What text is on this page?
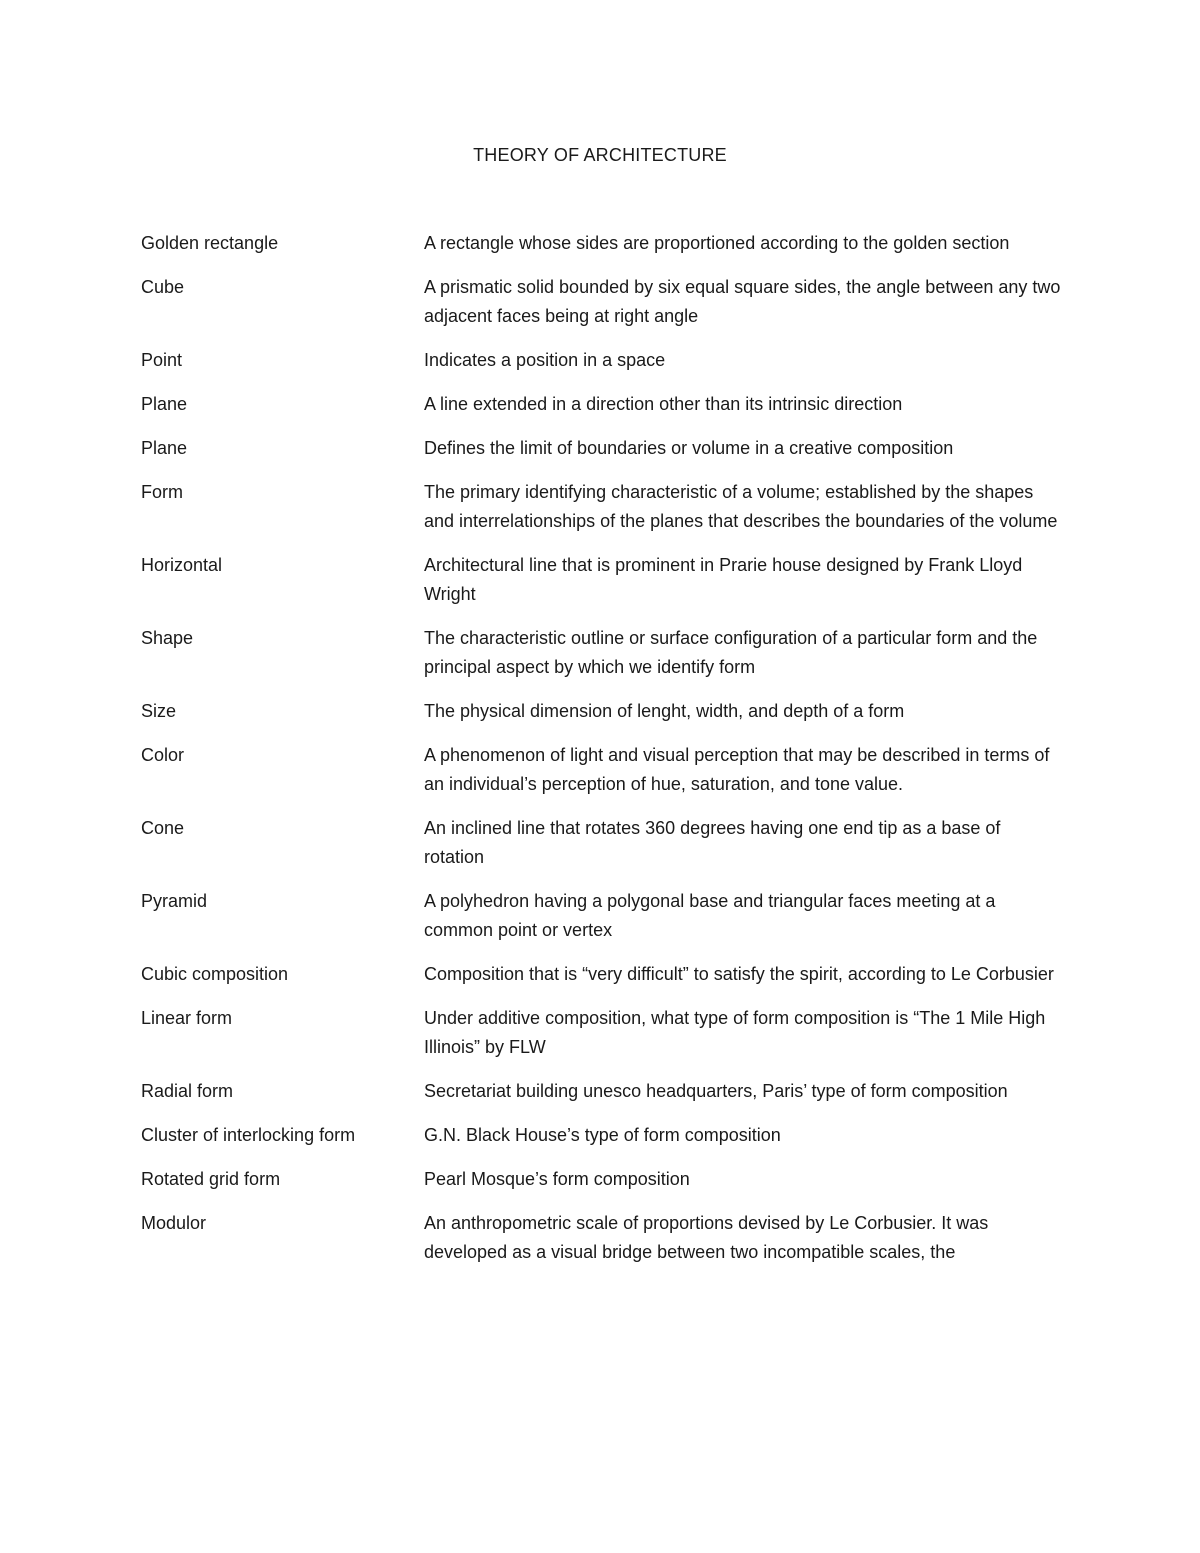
THEORY OF ARCHITECTURE
Golden rectangle	A rectangle whose sides are proportioned according to the golden section
Cube	A prismatic solid bounded by six equal square sides, the angle between any two adjacent faces being at right angle
Point	Indicates a position in a space
Plane	A line extended in a direction other than its intrinsic direction
Plane	Defines the limit of boundaries or volume in a creative composition
Form	The primary identifying characteristic of a volume; established by the shapes and interrelationships of the planes that describes the boundaries of the volume
Horizontal	Architectural line that is prominent in Prarie house designed by Frank Lloyd Wright
Shape	The characteristic outline or surface configuration of a particular form and the principal aspect by which we identify form
Size	The physical dimension of lenght, width, and depth of a form
Color	A phenomenon of light and visual perception that may be described in terms of an individual’s perception of hue, saturation, and tone value.
Cone	An inclined line that rotates 360 degrees having one end tip as a base of rotation
Pyramid	A polyhedron having a polygonal base and triangular faces meeting at a common point or vertex
Cubic composition	Composition that is “very difficult” to satisfy the spirit, according to Le Corbusier
Linear form	Under additive composition, what type of form composition is “The 1 Mile High Illinois” by FLW
Radial form	Secretariat building unesco headquarters, Paris’ type of form composition
Cluster of interlocking form	G.N. Black House’s type of form composition
Rotated grid form	Pearl Mosque’s form composition
Modulor	An anthropometric scale of proportions devised by Le Corbusier. It was developed as a visual bridge between two incompatible scales, the
